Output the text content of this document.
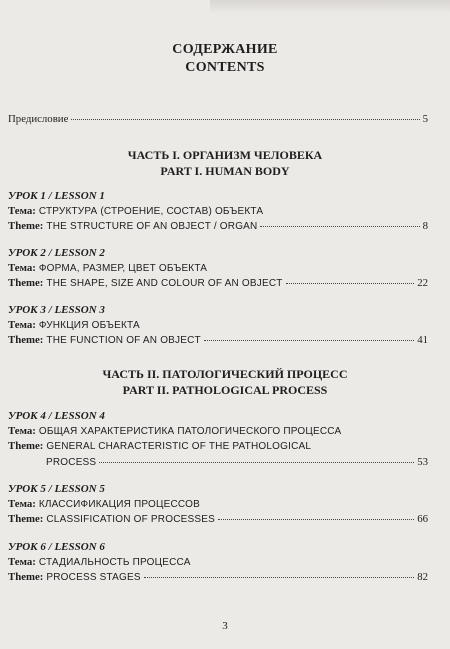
СОДЕРЖАНИЕ
CONTENTS
Предисловие	5
ЧАСТЬ I. ОРГАНИЗМ ЧЕЛОВЕКА
PART I. HUMAN BODY
УРОК 1 / LESSON 1
Тема: СТРУКТУРА (СТРОЕНИЕ, СОСТАВ) ОБЪЕКТА
Theme: THE STRUCTURE OF AN OBJECT / ORGAN	8
УРОК 2 / LESSON 2
Тема: ФОРМА, РАЗМЕР, ЦВЕТ ОБЪЕКТА
Theme: THE SHAPE, SIZE AND COLOUR OF AN OBJECT	22
УРОК 3 / LESSON 3
Тема: ФУНКЦИЯ ОБЪЕКТА
Theme: THE FUNCTION OF AN OBJECT	41
ЧАСТЬ II. ПАТОЛОГИЧЕСКИЙ ПРОЦЕСС
PART II. PATHOLOGICAL PROCESS
УРОК 4 / LESSON 4
Тема: ОБЩАЯ ХАРАКТЕРИСТИКА ПАТОЛОГИЧЕСКОГО ПРОЦЕССА
Theme: GENERAL CHARACTERISTIC OF THE PATHOLOGICAL
PROCESS	53
УРОК 5 / LESSON 5
Тема: КЛАССИФИКАЦИЯ ПРОЦЕССОВ
Theme: CLASSIFICATION OF PROCESSES	66
УРОК 6 / LESSON 6
Тема: СТАДИАЛЬНОСТЬ ПРОЦЕССА
Theme: PROCESS STAGES	82
3
